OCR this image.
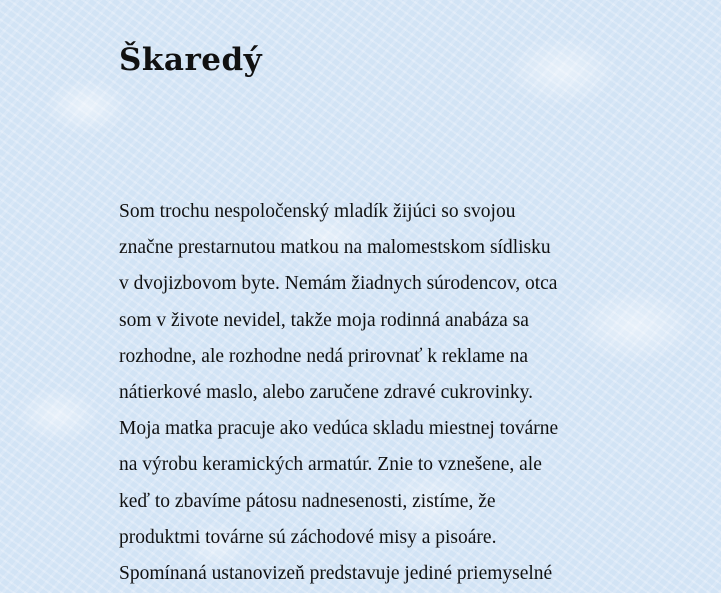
Škaredý
Som trochu nespoločenský mladík žijúci so svojou
značne prestarnutou matkou na malomestskom sídlisku
v dvojizbovom byte. Nemám žiadnych súrodencov, otca
som v živote nevidel, takže moja rodinná anabáza sa
rozhodne, ale rozhodne nedá prirovnať k reklame na
nátierkové maslo, alebo zaručene zdravé cukrovinky.
Moja matka pracuje ako vedúca skladu miestnej továrne
na výrobu keramických armatúr. Znie to vznešene, ale
keď to zbavíme pátosu nadnesenosti, zistíme, že
produktmi továrne sú záchodové misy a pisoáre.
Spomínaná ustanovizeň predstavuje jediné priemyselné
